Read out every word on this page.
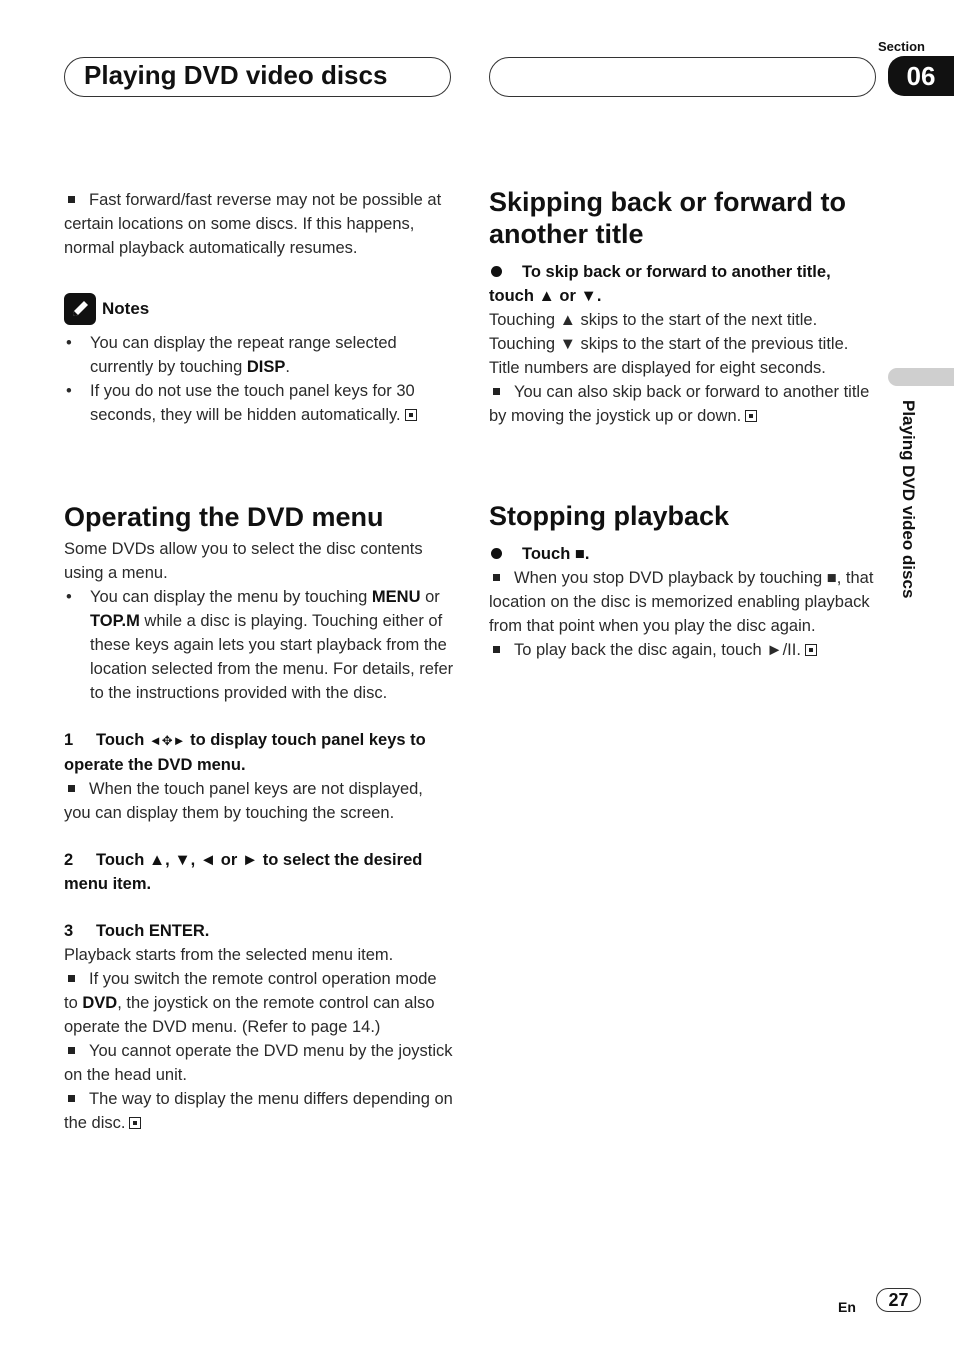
Playing DVD video discs
Section
06
Playing DVD video discs

Fast forward/fast reverse may not be possible at certain locations on some discs. If this happens, normal playback automatically resumes.

Notes

• You can display the repeat range selected currently by touching DISP.

• If you do not use the touch panel keys for 30 seconds, they will be hidden automatically.

Operating the DVD menu

Some DVDs allow you to select the disc contents using a menu.

• You can display the menu by touching MENU or TOP.M while a disc is playing. Touching either of these keys again lets you start playback from the location selected from the menu. For details, refer to the instructions provided with the disc.

1 Touch ◄✥► to display touch panel keys to operate the DVD menu.

When the touch panel keys are not displayed, you can display them by touching the screen.

2 Touch ▲, ▼, ◄ or ► to select the desired menu item.

3 Touch ENTER.

Playback starts from the selected menu item.

If you switch the remote control operation mode to DVD, the joystick on the remote control can also operate the DVD menu. (Refer to page 14.)

You cannot operate the DVD menu by the joystick on the head unit.

The way to display the menu differs depending on the disc.

Skipping back or forward to another title

To skip back or forward to another title, touch ▲ or ▼.

Touching ▲ skips to the start of the next title. Touching ▼ skips to the start of the previous title.

Title numbers are displayed for eight seconds.

You can also skip back or forward to another title by moving the joystick up or down.

Stopping playback

Touch ■.

When you stop DVD playback by touching ■, that location on the disc is memorized enabling playback from that point when you play the disc again.

To play back the disc again, touch ►/II.

En	27
